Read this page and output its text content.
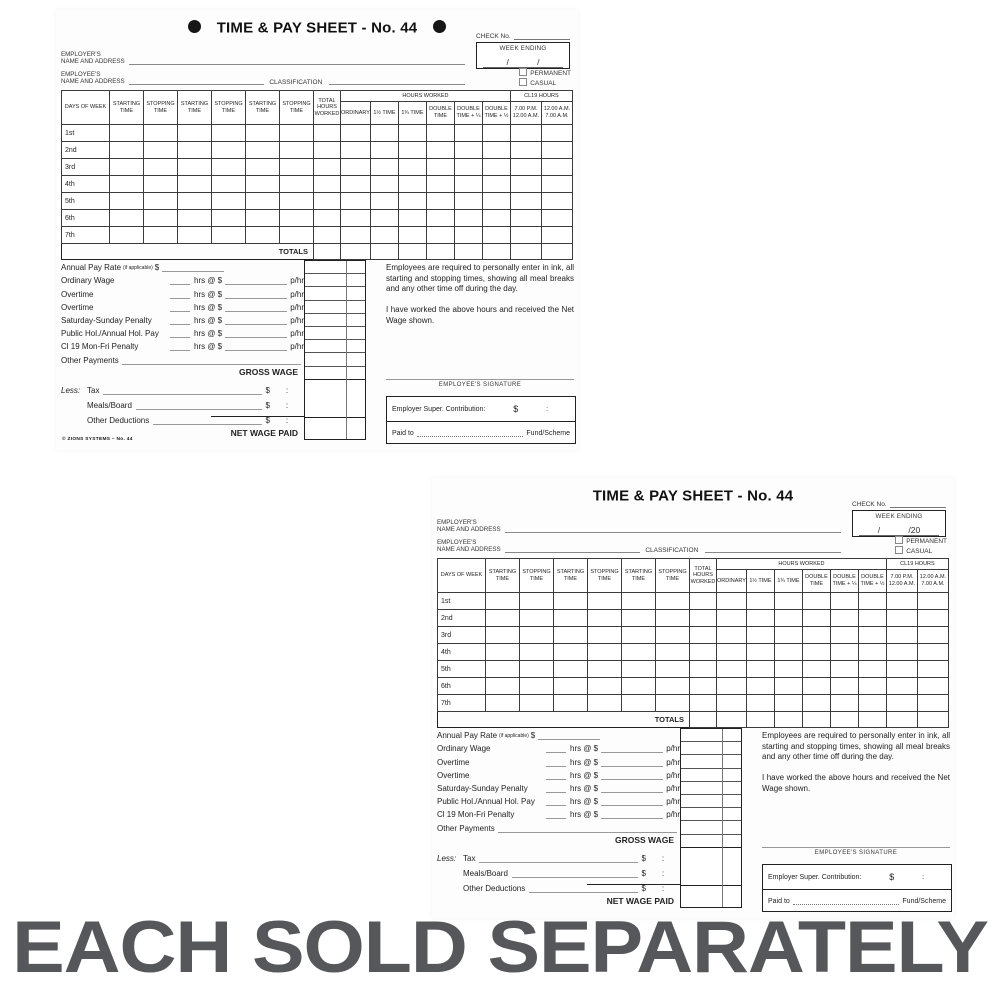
TIME & PAY SHEET - No. 44
CHECK No.
WEEK ENDING
/            /
EMPLOYER'S
NAME AND ADDRESS
EMPLOYEE'S
NAME AND ADDRESS	CLASSIFICATION
PERMANENT
CASUAL
DAYS OF WEEK	STARTING TIME	STOPPING TIME	STARTING TIME	STOPPING TIME	STARTING TIME	STOPPING TIME	TOTAL HOURS WORKED	HOURS WORKED						CL19 HOURS	
								ORDINARY	1½ TIME	1¾ TIME	DOUBLE TIME	DOUBLE TIME + ¼	DOUBLE TIME + ½	7.00 P.M. 12.00 A.M.	12.00 A.M. 7.00 A.M.
1st															
2nd															
3rd															
4th															
5th															
6th															
7th															
TOTALS															
Annual Pay Rate (if applicable) $
Ordinary Wage	hrs @ $	p/hr
Overtime	hrs @ $	p/hr
Overtime	hrs @ $	p/hr
Saturday-Sunday Penalty	hrs @ $	p/hr
Public Hol./Annual Hol. Pay	hrs @ $	p/hr
Cl 19 Mon-Fri Penalty	hrs @ $	p/hr
Other Payments
GROSS WAGE
Less: Tax	$	:
Meals/Board	$	:
Other Deductions	$	:
NET WAGE PAID
Employees are required to personally enter in ink, all starting and stopping times, showing all meal breaks and any other time off during the day.
I have worked the above hours and received the Net Wage shown.
EMPLOYEE'S SIGNATURE
Employer Super. Contribution:	$	:
Paid to	Fund/Scheme
© ZIONS SYSTEMS – No. 44
TIME & PAY SHEET - No. 44
CHECK No.
WEEK ENDING
/            /20
EMPLOYER'S
NAME AND ADDRESS
EMPLOYEE'S
NAME AND ADDRESS	CLASSIFICATION
PERMANENT
CASUAL
DAYS OF WEEK	STARTING TIME	STOPPING TIME	STARTING TIME	STOPPING TIME	STARTING TIME	STOPPING TIME	TOTAL HOURS WORKED	HOURS WORKED						CL19 HOURS	
								ORDINARY	1½ TIME	1¾ TIME	DOUBLE TIME	DOUBLE TIME + ¼	DOUBLE TIME + ½	7.00 P.M. 12.00 A.M.	12.00 A.M. 7.00 A.M.
1st															
2nd															
3rd															
4th															
5th															
6th															
7th															
TOTALS															
Annual Pay Rate (if applicable) $
Ordinary Wage	hrs @ $	p/hr
Overtime	hrs @ $	p/hr
Overtime	hrs @ $	p/hr
Saturday-Sunday Penalty	hrs @ $	p/hr
Public Hol./Annual Hol. Pay	hrs @ $	p/hr
Cl 19 Mon-Fri Penalty	hrs @ $	p/hr
Other Payments
GROSS WAGE
Less: Tax	$	:
Meals/Board	$	:
Other Deductions	$	:
NET WAGE PAID
Employees are required to personally enter in ink, all starting and stopping times, showing all meal breaks and any other time off during the day.
I have worked the above hours and received the Net Wage shown.
EMPLOYEE'S SIGNATURE
Employer Super. Contribution:	$	:
Paid to	Fund/Scheme
EACH SOLD SEPARATELY
